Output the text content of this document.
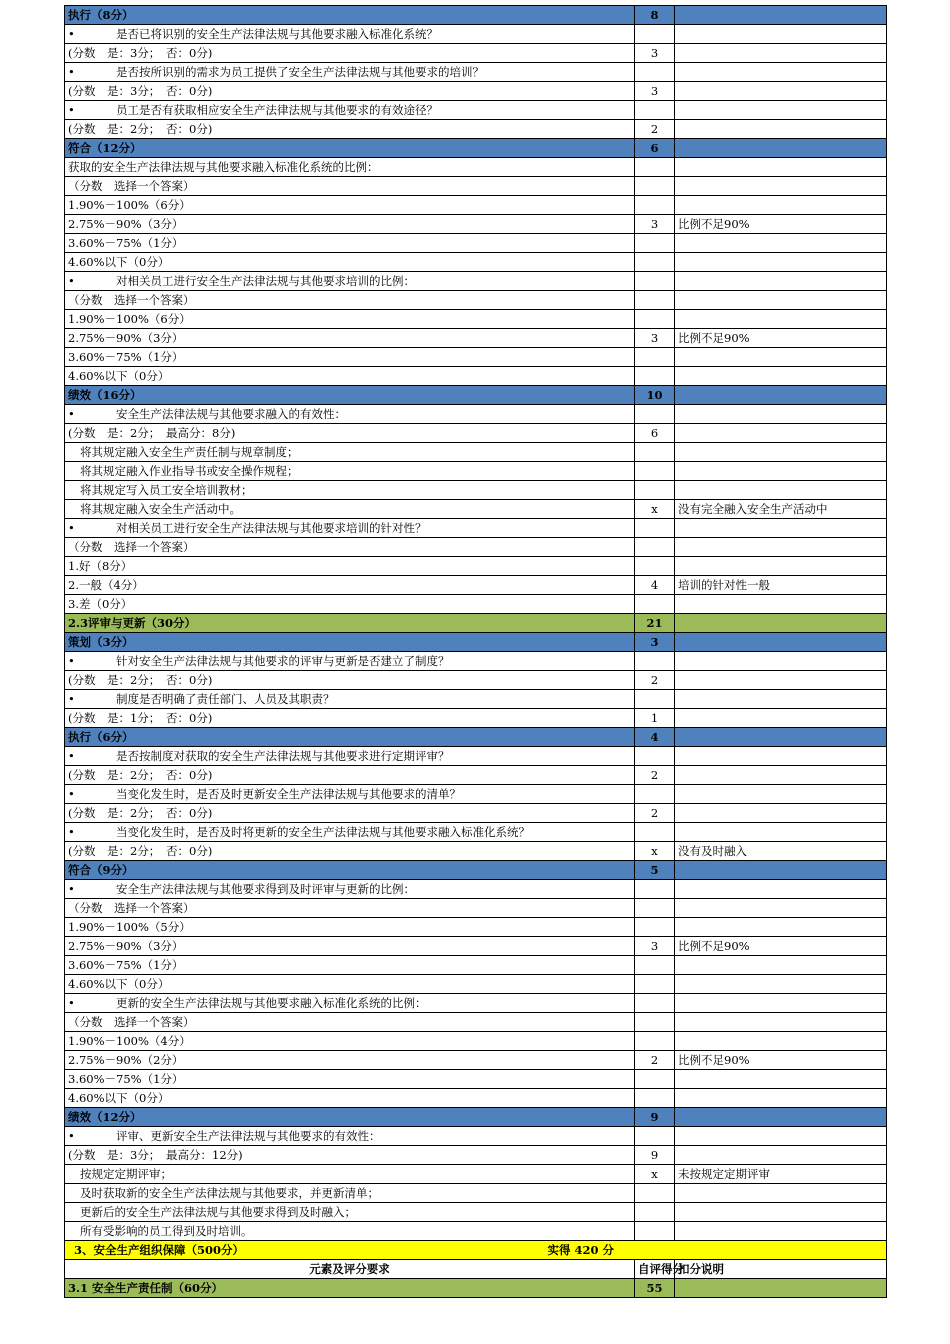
执行（8分）	8	
• 是否已将识别的安全生产法律法规与其他要求融入标准化系统？		
(分数　是：3分；　否：0分)	3	
• 是否按所识别的需求为员工提供了安全生产法律法规与其他要求的培训？		
(分数　是：3分；　否：0分)	3	
• 员工是否有获取相应安全生产法律法规与其他要求的有效途径？		
(分数　是：2分；　否：0分)	2	
符合（12分）	6	
获取的安全生产法律法规与其他要求融入标准化系统的比例：		
（分数　选择一个答案）		
1.90%－100%（6分）		
2.75%－90%（3分）	3	比例不足90%
3.60%－75%（1分）		
4.60%以下（0分）		
• 对相关员工进行安全生产法律法规与其他要求培训的比例：		
（分数　选择一个答案）		
1.90%－100%（6分）		
2.75%－90%（3分）	3	比例不足90%
3.60%－75%（1分）		
4.60%以下（0分）		
绩效（16分）	10	
• 安全生产法律法规与其他要求融入的有效性：		
(分数　是：2分；　最高分：8分)	6	
将其规定融入安全生产责任制与规章制度；		
将其规定融入作业指导书或安全操作规程；		
将其规定写入员工安全培训教材；		
将其规定融入安全生产活动中。	x	没有完全融入安全生产活动中
• 对相关员工进行安全生产法律法规与其他要求培训的针对性？		
（分数　选择一个答案）		
1.好（8分）		
2.一般（4分）	4	培训的针对性一般
3.差（0分）		
2.3评审与更新（30分）	21	
策划（3分）	3	
• 针对安全生产法律法规与其他要求的评审与更新是否建立了制度？		
(分数　是：2分；　否：0分)	2	
• 制度是否明确了责任部门、人员及其职责？		
(分数　是：1分；　否：0分)	1	
执行（6分）	4	
• 是否按制度对获取的安全生产法律法规与其他要求进行定期评审？		
(分数　是：2分；　否：0分)	2	
• 当变化发生时，是否及时更新安全生产法律法规与其他要求的清单？		
(分数　是：2分；　否：0分)	2	
• 当变化发生时，是否及时将更新的安全生产法律法规与其他要求融入标准化系统？		
(分数　是：2分；　否：0分)	x	没有及时融入
符合（9分）	5	
• 安全生产法律法规与其他要求得到及时评审与更新的比例：		
（分数　选择一个答案）		
1.90%－100%（5分）		
2.75%－90%（3分）	3	比例不足90%
3.60%－75%（1分）		
4.60%以下（0分）		
• 更新的安全生产法律法规与其他要求融入标准化系统的比例：		
（分数　选择一个答案）		
1.90%－100%（4分）		
2.75%－90%（2分）	2	比例不足90%
3.60%－75%（1分）		
4.60%以下（0分）		
绩效（12分）	9	
• 评审、更新安全生产法律法规与其他要求的有效性：		
(分数　是：3分；　最高分：12分)	9	
按规定定期评审；	x	未按规定定期评审
及时获取新的安全生产法律法规与其他要求，并更新清单；		
更新后的安全生产法律法规与其他要求得到及时融入；		
所有受影响的员工得到及时培训。		

3、安全生产组织保障（500分） 实得 420 分		

元素及评分要求	自评得分	扣分说明
3.1 安全生产责任制（60分）	55	
